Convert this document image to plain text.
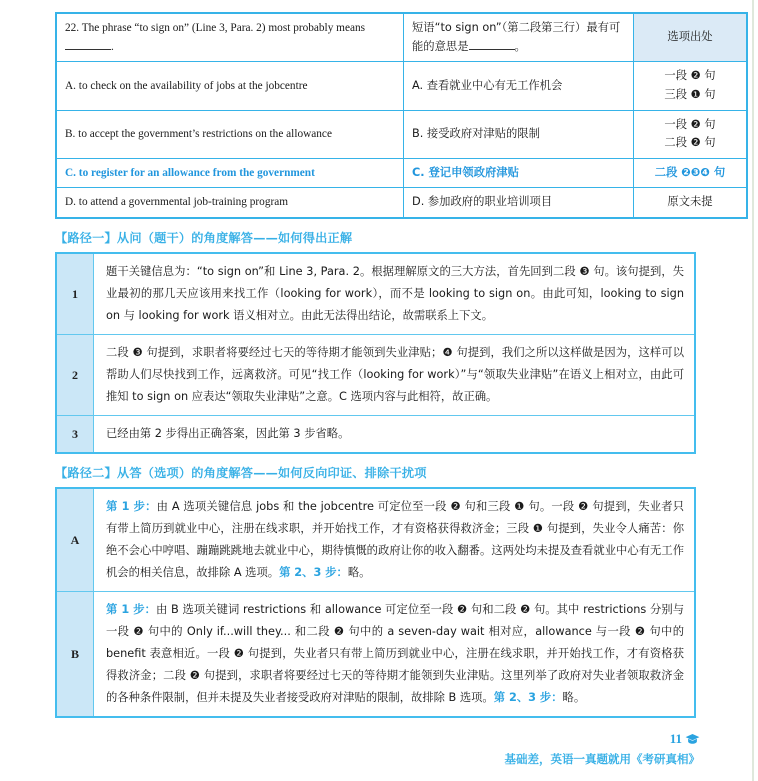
22. The phrase “to sign on” (Line 3, Para. 2) most probably means .	短语“to sign on”（第二段第三行）最有可能的意思是 。	选项出处
A. to check on the availability of jobs at the jobcentre	A. 查看就业中心有无工作机会	一段 ❷ 句
三段 ❶ 句

B. to accept the government’s restrictions on the allowance	B. 接受政府对津贴的限制	一段 ❷ 句
二段 ❷ 句

C. to register for an allowance from the government	C. 登记申领政府津贴	二段 ❷❸❹ 句
D. to attend a governmental job-training program	D. 参加政府的职业培训项目	原文未提
【路径一】从问（题干）的角度解答——如何得出正解
1	题干关键信息为：“to sign on”和 Line 3, Para. 2。根据理解原文的三大方法，首先回到二段 ❸ 句。该句提到，失业最初的那几天应该用来找工作（looking for work），而不是 looking to sign on。由此可知，looking to sign on 与 looking for work 语义相对立。由此无法得出结论，故需联系上下文。
2	二段 ❸ 句提到，求职者将要经过七天的等待期才能领到失业津贴；❹ 句提到，我们之所以这样做是因为，这样可以帮助人们尽快找到工作，远离救济。可见“找工作（looking for work）”与“领取失业津贴”在语义上相对立，由此可推知 to sign on 应表达“领取失业津贴”之意。C 选项内容与此相符，故正确。
3	已经由第 2 步得出正确答案，因此第 3 步省略。
【路径二】从答（选项）的角度解答——如何反向印证、排除干扰项
A	第 1 步：由 A 选项关键信息 jobs 和 the jobcentre 可定位至一段 ❷ 句和三段 ❶ 句。一段 ❷ 句提到，失业者只有带上简历到就业中心，注册在线求职，并开始找工作，才有资格获得救济金；三段 ❶ 句提到，失业令人痛苦：你绝不会心中哼唱、蹦蹦跳跳地去就业中心，期待慎慨的政府让你的收入翻番。这两处均未提及查看就业中心有无工作机会的相关信息，故排除 A 选项。第 2、3 步：略。
B	第 1 步：由 B 选项关键词 restrictions 和 allowance 可定位至一段 ❷ 句和二段 ❷ 句。其中 restrictions 分别与一段 ❷ 句中的 Only if...will they... 和二段 ❷ 句中的 a seven-day wait 相对应，allowance 与一段 ❷ 句中的 benefit 表意相近。一段 ❷ 句提到，失业者只有带上简历到就业中心，注册在线求职，并开始找工作，才有资格获得救济金；二段 ❷ 句提到，求职者将要经过七天的等待期才能领到失业津贴。这里列举了政府对失业者领取救济金的各种条件限制，但并未提及失业者接受政府对津贴的限制，故排除 B 选项。第 2、3 步：略。
11
基础差，英语一真题就用《考研真相》
